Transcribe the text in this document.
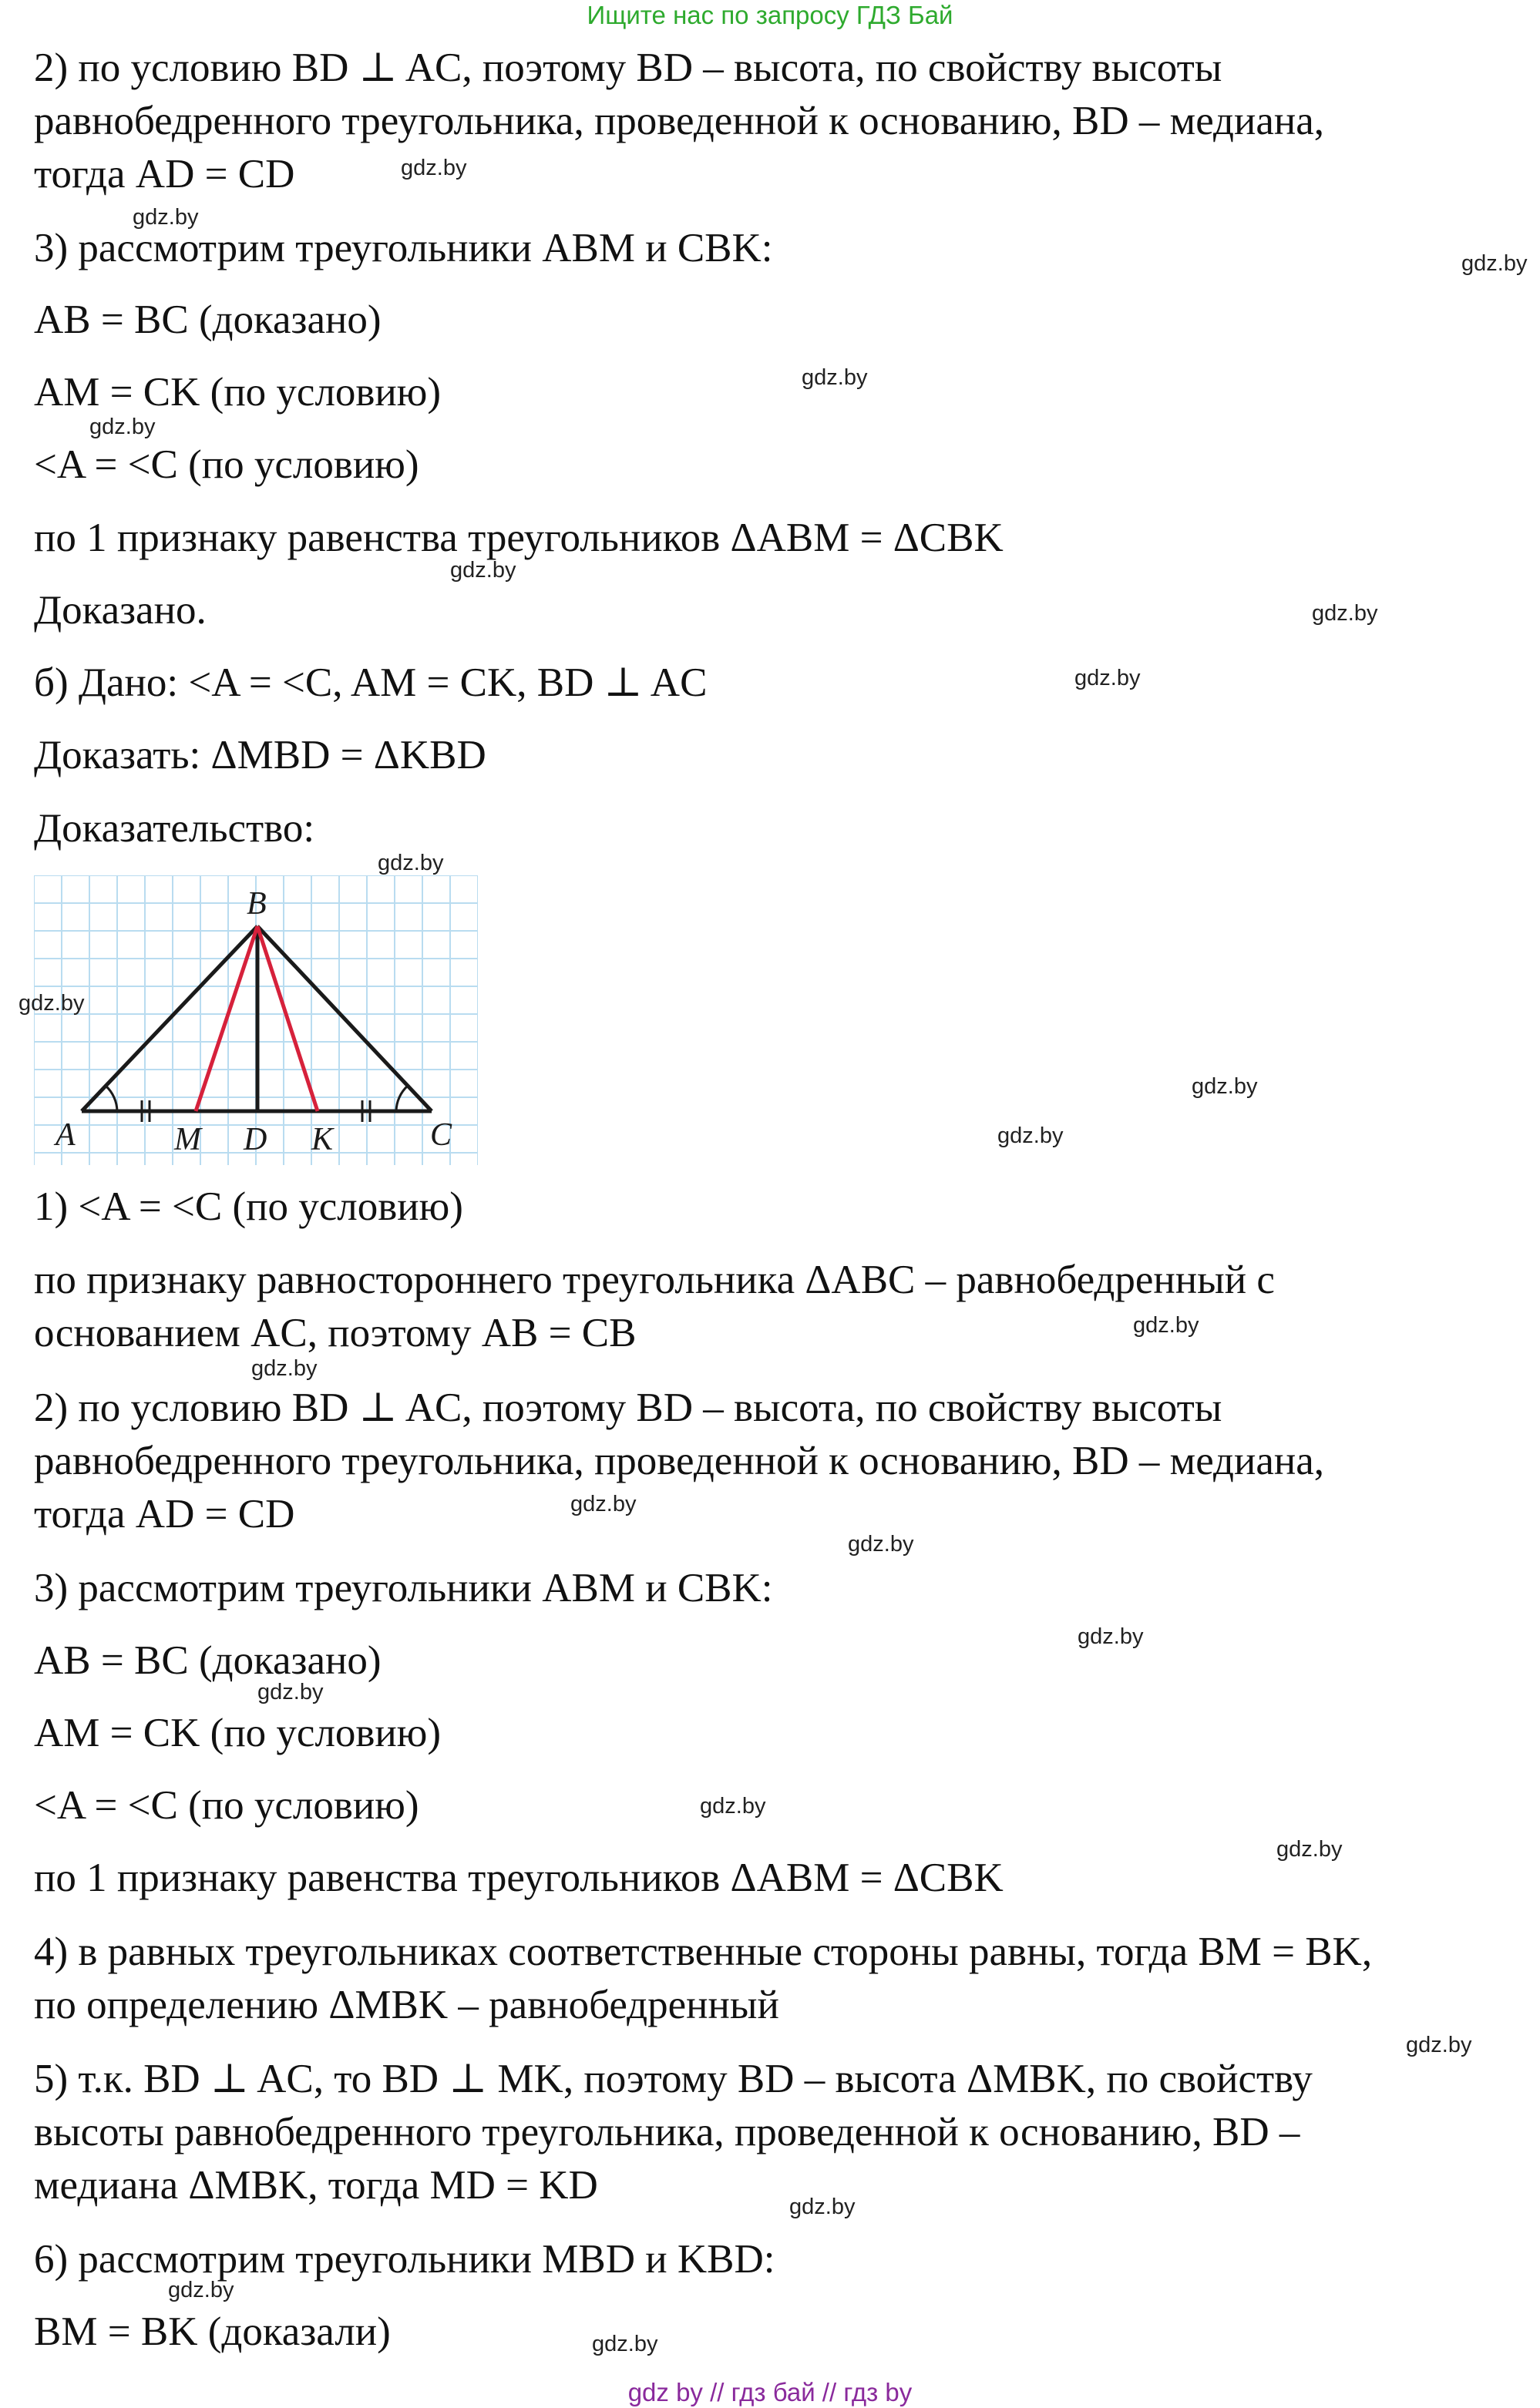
Ищите нас по запросу ГДЗ Бай
2) по условию BD ⊥ AC, поэтому BD – высота, по свойству высоты
равнобедренного треугольника, проведенной к основанию, BD – медиана,
тогда AD = CD
3) рассмотрим треугольники ABM и CBK:
AB = BC (доказано)
AM = CK (по условию)
<A = <C (по условию)
по 1 признаку равенства треугольников ΔABM = ΔCBK
Доказано.
б) Дано: <A = <C, AM = CK, BD ⊥ AC
Доказать: ΔMBD = ΔKBD
Доказательство:
B
A	M D K	C
1) <A = <C (по условию)
по признаку равностороннего треугольника ΔABC – равнобедренный с
основанием AC, поэтому AB = CB
2) по условию BD ⊥ AC, поэтому BD – высота, по свойству высоты
равнобедренного треугольника, проведенной к основанию, BD – медиана,
тогда AD = CD
3) рассмотрим треугольники ABM и CBK:
AB = BC (доказано)
AM = CK (по условию)
<A = <C (по условию)
по 1 признаку равенства треугольников ΔABM = ΔCBK
4) в равных треугольниках соответственные стороны равны, тогда BM = BK,
по определению ΔMBK – равнобедренный
5) т.к. BD ⊥ AC, то BD ⊥ MK, поэтому BD – высота ΔMBK, по свойству
высоты равнобедренного треугольника, проведенной к основанию, BD –
медиана ΔMBK, тогда MD = KD
6) рассмотрим треугольники MBD и KBD:
BM = BK (доказали)
gdz.by
gdz.by
gdz.by
gdz.by
gdz.by
gdz.by
gdz.by
gdz.by
gdz.by
gdz.by
gdz.by
gdz.by
gdz.by
gdz.by
gdz.by
gdz.by
gdz.by
gdz.by
gdz.by
gdz.by
gdz.by
gdz.by
gdz.by
gdz.by
gdz by // гдз бай // гдз by
